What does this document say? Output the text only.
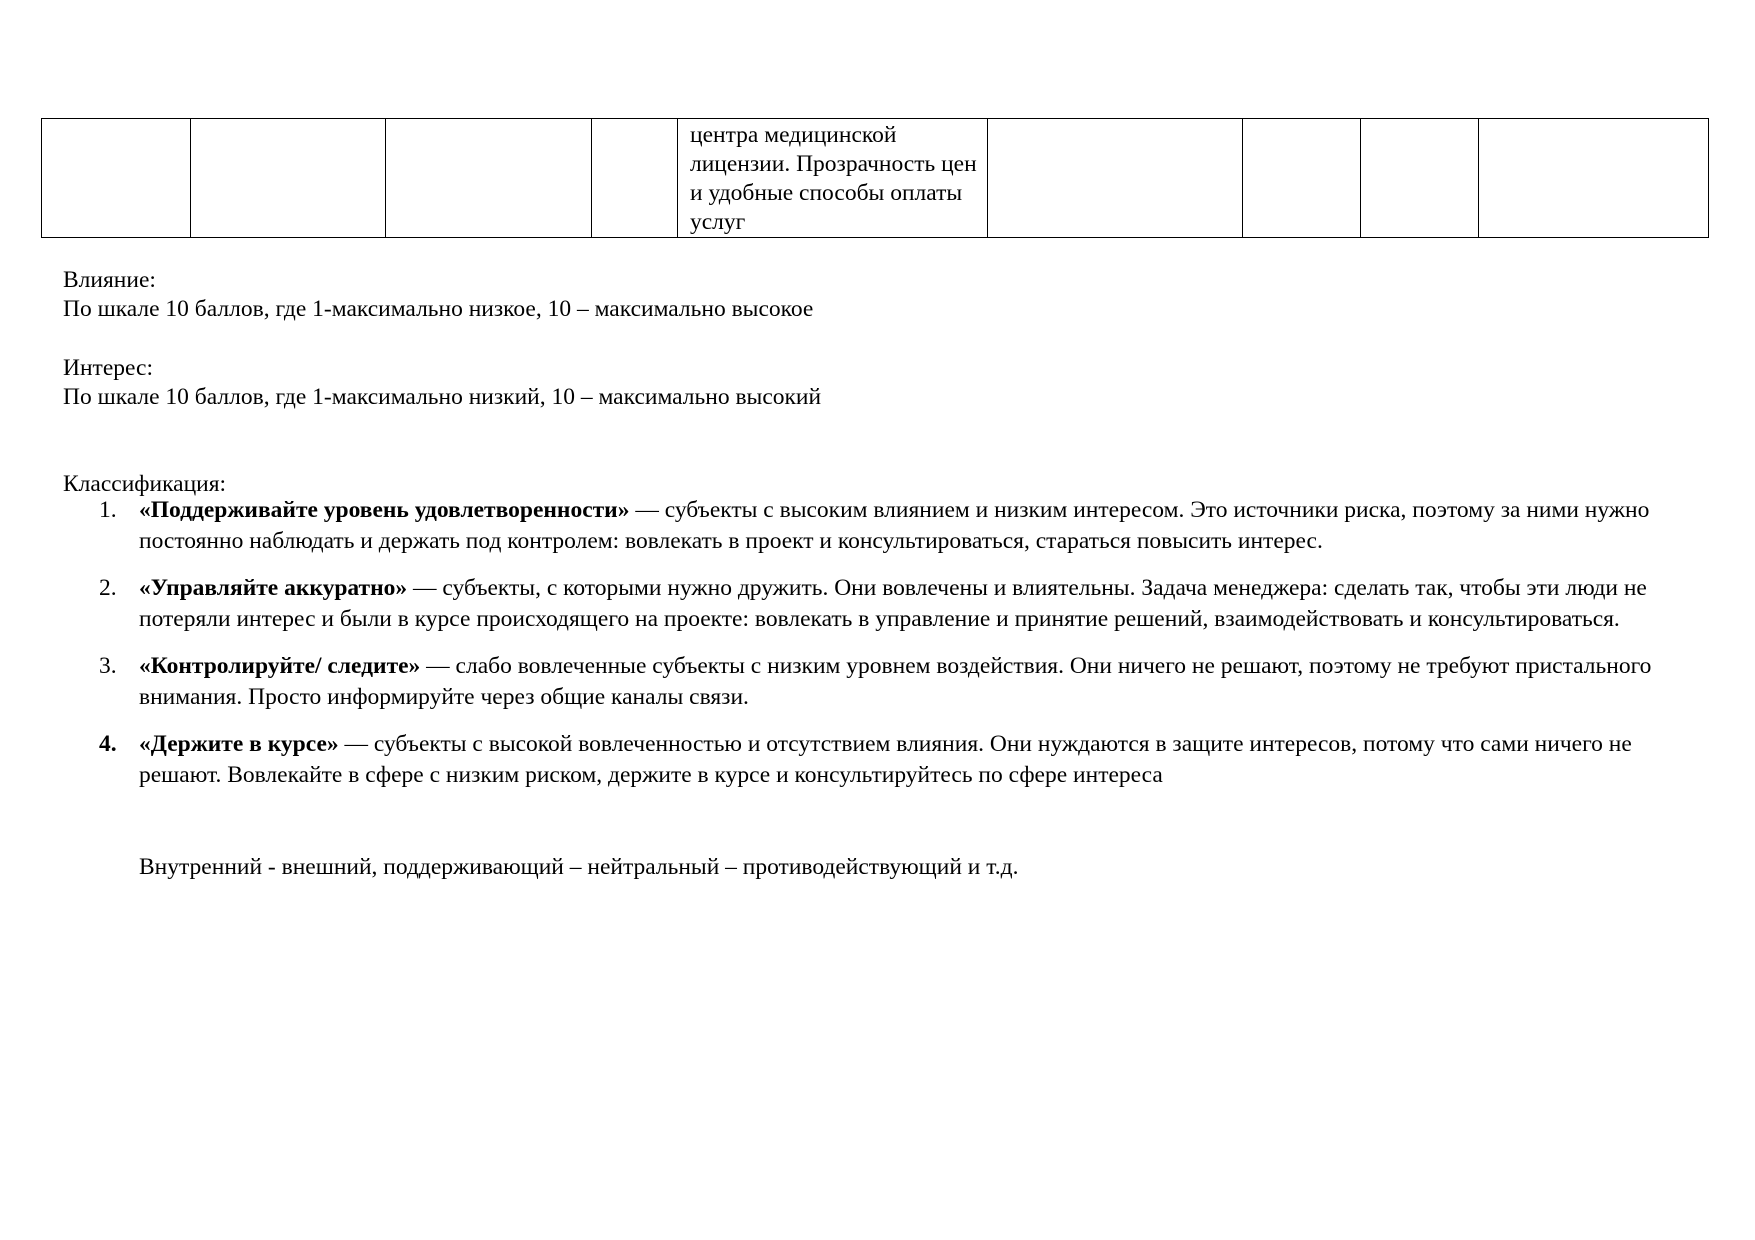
центра медицинской лицензии. Прозрачность цен и удобные способы оплаты услуг

Влияние:
По шкале 10 баллов, где 1-максимально низкое, 10 – максимально высокое
Интерес:
По шкале 10 баллов, где 1-максимально низкий, 10 – максимально высокий
Классификация:
1. «Поддерживайте уровень удовлетворенности» — субъекты с высоким влиянием и низким интересом. Это источники риска, поэтому за ними нужно постоянно наблюдать и держать под контролем: вовлекать в проект и консультироваться, стараться повысить интерес.
2. «Управляйте аккуратно» — субъекты, с которыми нужно дружить. Они вовлечены и влиятельны. Задача менеджера: сделать так, чтобы эти люди не потеряли интерес и были в курсе происходящего на проекте: вовлекать в управление и принятие решений, взаимодействовать и консультироваться.
3. «Контролируйте/ следите» — слабо вовлеченные субъекты с низким уровнем воздействия. Они ничего не решают, поэтому не требуют пристального внимания. Просто информируйте через общие каналы связи.
4. «Держите в курсе» — субъекты с высокой вовлеченностью и отсутствием влияния. Они нуждаются в защите интересов, потому что сами ничего не решают. Вовлекайте в сфере с низким риском, держите в курсе и консультируйтесь по сфере интереса
Внутренний - внешний, поддерживающий – нейтральный – противодействующий и т.д.
